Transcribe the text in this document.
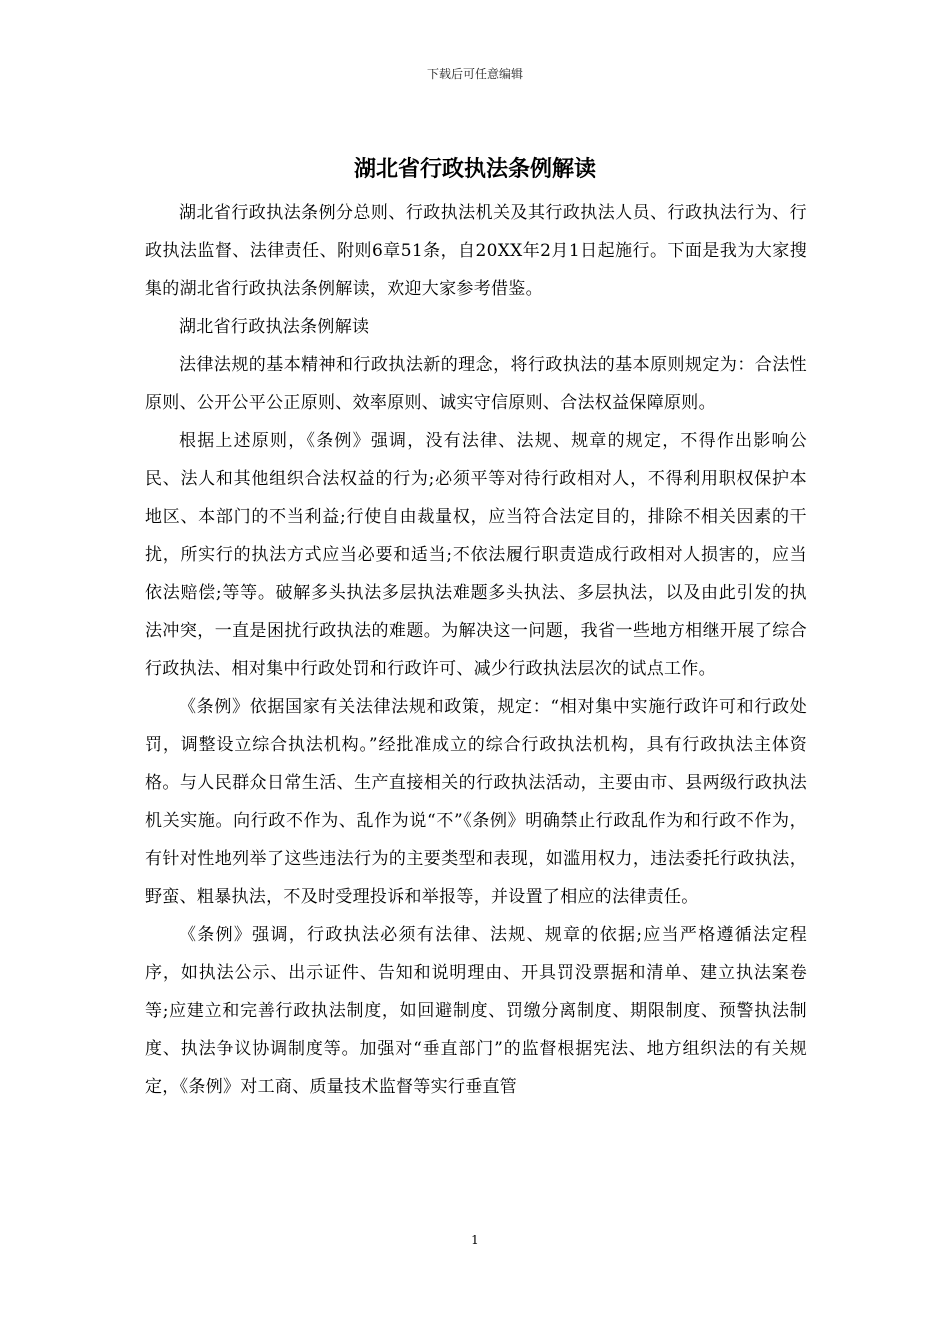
下载后可任意编辑
湖北省行政执法条例解读

湖北省行政执法条例分总则、行政执法机关及其行政执法人员、行政执法行为、行政执法监督、法律责任、附则6章51条，自20XX年2月1日起施行。下面是我为大家搜集的湖北省行政执法条例解读，欢迎大家参考借鉴。

湖北省行政执法条例解读

法律法规的基本精神和行政执法新的理念，将行政执法的基本原则规定为：合法性原则、公开公平公正原则、效率原则、诚实守信原则、合法权益保障原则。

根据上述原则，《条例》强调，没有法律、法规、规章的规定，不得作出影响公民、法人和其他组织合法权益的行为;必须平等对待行政相对人，不得利用职权保护本地区、本部门的不当利益;行使自由裁量权，应当符合法定目的，排除不相关因素的干扰，所实行的执法方式应当必要和适当;不依法履行职责造成行政相对人损害的，应当依法赔偿;等等。破解多头执法多层执法难题多头执法、多层执法，以及由此引发的执法冲突，一直是困扰行政执法的难题。为解决这一问题，我省一些地方相继开展了综合行政执法、相对集中行政处罚和行政许可、减少行政执法层次的试点工作。

《条例》依据国家有关法律法规和政策，规定：“相对集中实施行政许可和行政处罚，调整设立综合执法机构。”经批准成立的综合行政执法机构，具有行政执法主体资格。与人民群众日常生活、生产直接相关的行政执法活动，主要由市、县两级行政执法机关实施。向行政不作为、乱作为说“不”《条例》明确禁止行政乱作为和行政不作为，有针对性地列举了这些违法行为的主要类型和表现，如滥用权力，违法委托行政执法，野蛮、粗暴执法，不及时受理投诉和举报等，并设置了相应的法律责任。

《条例》强调，行政执法必须有法律、法规、规章的依据;应当严格遵循法定程序，如执法公示、出示证件、告知和说明理由、开具罚没票据和清单、建立执法案卷等;应建立和完善行政执法制度，如回避制度、罚缴分离制度、期限制度、预警执法制度、执法争议协调制度等。加强对“垂直部门”的监督根据宪法、地方组织法的有关规定，《条例》对工商、质量技术监督等实行垂直管

1
